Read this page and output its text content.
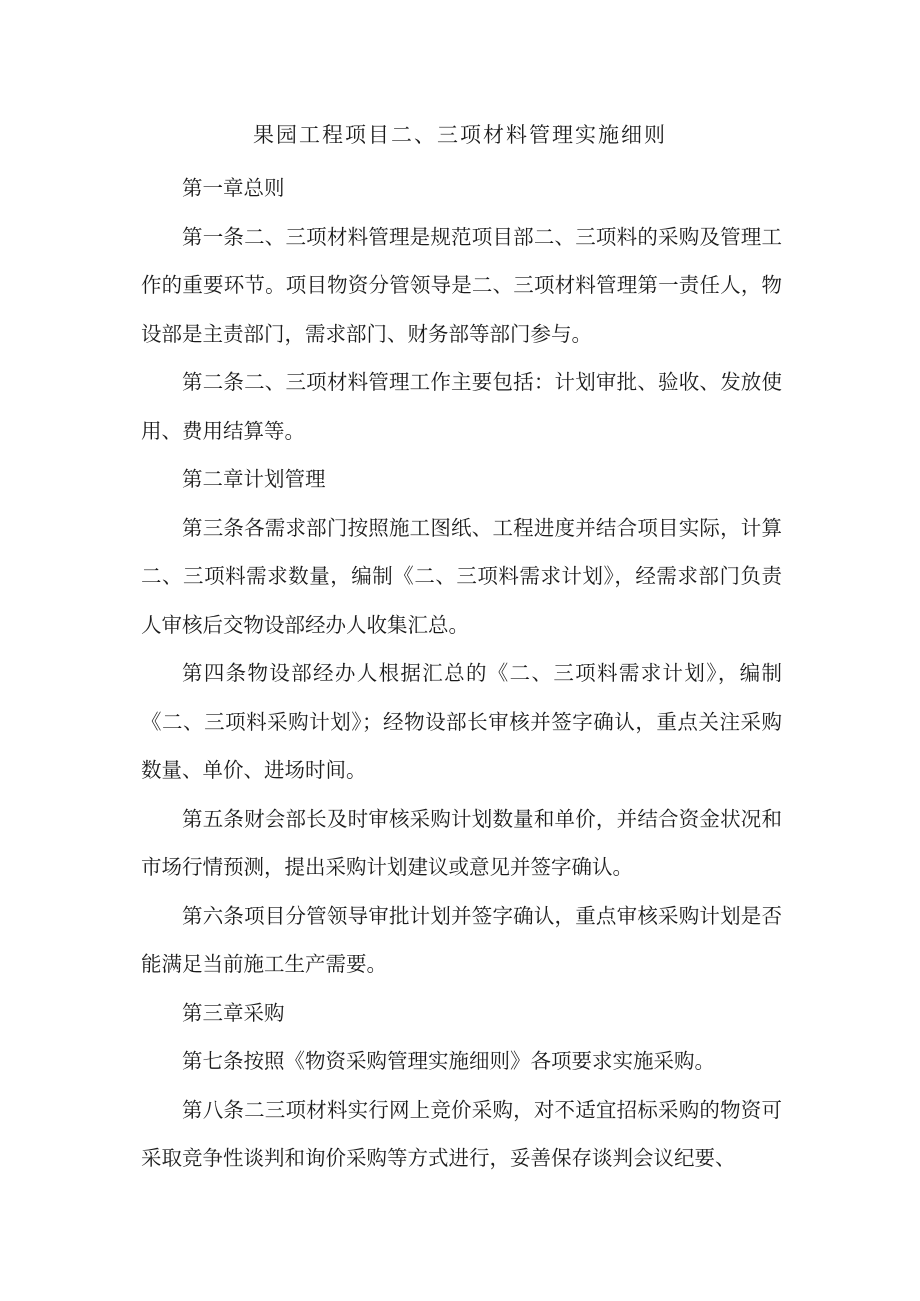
果园工程项目二、三项材料管理实施细则

第一章总则

第一条二、三项材料管理是规范项目部二、三项料的采购及管理工作的重要环节。项目物资分管领导是二、三项材料管理第一责任人，物设部是主责部门，需求部门、财务部等部门参与。

第二条二、三项材料管理工作主要包括：计划审批、验收、发放使用、费用结算等。

第二章计划管理

第三条各需求部门按照施工图纸、工程进度并结合项目实际，计算二、三项料需求数量，编制《二、三项料需求计划》，经需求部门负责人审核后交物设部经办人收集汇总。

第四条物设部经办人根据汇总的《二、三项料需求计划》，编制《二、三项料采购计划》；经物设部长审核并签字确认，重点关注采购数量、单价、进场时间。

第五条财会部长及时审核采购计划数量和单价，并结合资金状况和市场行情预测，提出采购计划建议或意见并签字确认。

第六条项目分管领导审批计划并签字确认，重点审核采购计划是否能满足当前施工生产需要。

第三章采购

第七条按照《物资采购管理实施细则》各项要求实施采购。

第八条二三项材料实行网上竞价采购，对不适宜招标采购的物资可采取竞争性谈判和询价采购等方式进行，妥善保存谈判会议纪要、
